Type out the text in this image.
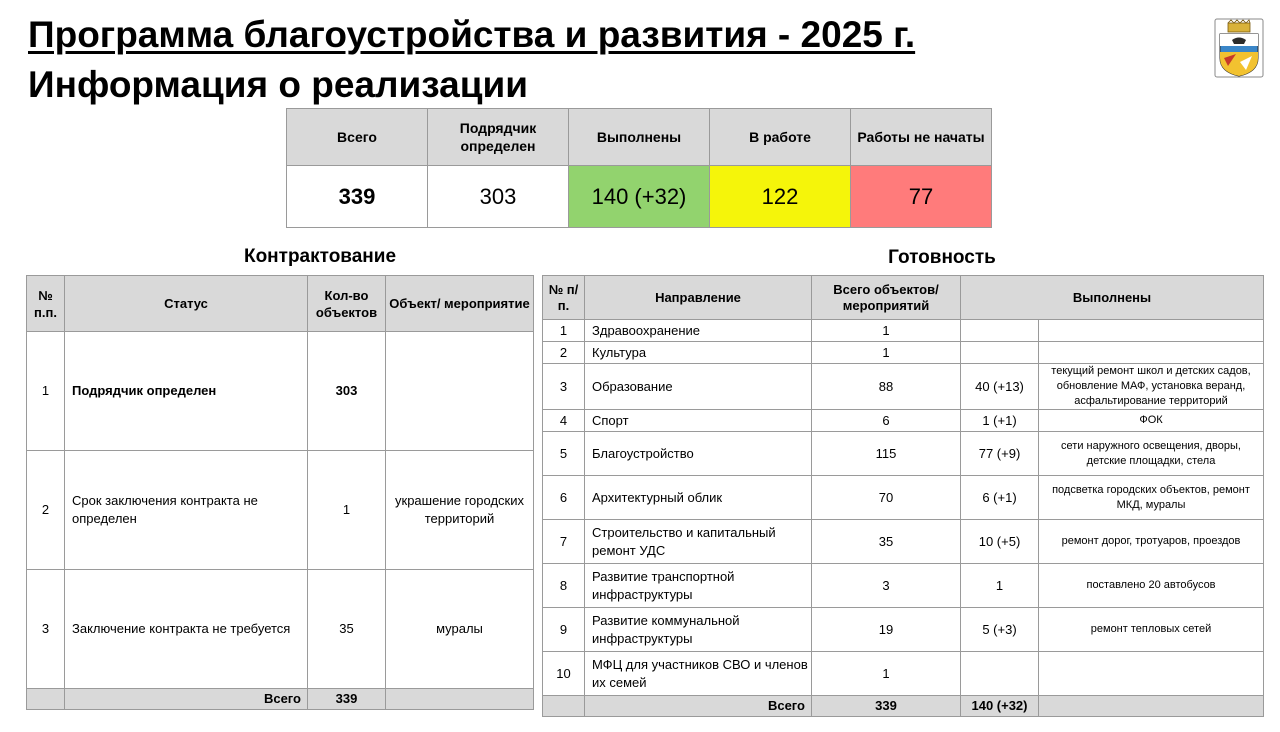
Программа благоустройства и развития - 2025 г.
Информация о реализации
Всего	Подрядчик определен	Выполнены	В работе	Работы не начаты
339	303	140 (+32)	122	77
Контрактование	Готовность
№ п.п.	Статус	Кол-во объектов	Объект/ мероприятие
1	Подрядчик определен	303	
2	Срок заключения контракта не определен	1	украшение городских территорий
3	Заключение контракта не требуется	35	муралы
	Всего	339	
№ п/п.	Направление	Всего объектов/ мероприятий	Выполнены	
1	Здравоохранение	1		
2	Культура	1		
3	Образование	88	40 (+13)	текущий ремонт школ и детских садов, обновление МАФ, установка веранд, асфальтирование территорий
4	Спорт	6	1 (+1)	ФОК
5	Благоустройство	115	77 (+9)	сети наружного освещения, дворы, детские площадки, стела
6	Архитектурный облик	70	6 (+1)	подсветка городских объектов, ремонт МКД, муралы
7	Строительство и капитальный ремонт УДС	35	10 (+5)	ремонт дорог, тротуаров, проездов
8	Развитие транспортной инфраструктуры	3	1	поставлено 20 автобусов
9	Развитие коммунальной инфраструктуры	19	5 (+3)	ремонт тепловых сетей
10	МФЦ для участников СВО и членов их семей	1		
	Всего	339	140 (+32)	
